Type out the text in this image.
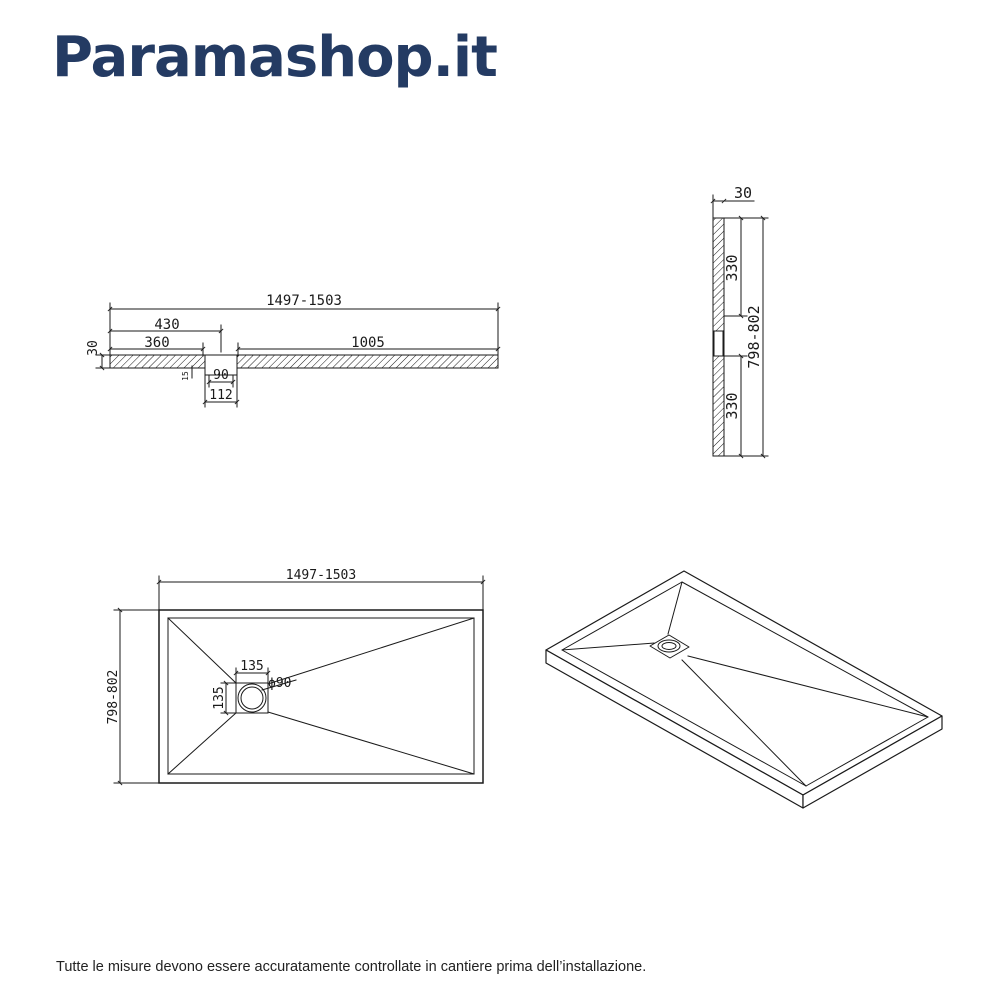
Paramashop.it
1497-1503
430
360	1005
30
15 90
112
30
330
330
798-802
1497-1503
798-802
135
135
ϕ90
Tutte le misure devono essere accuratamente controllate in cantiere prima dell’installazione.
